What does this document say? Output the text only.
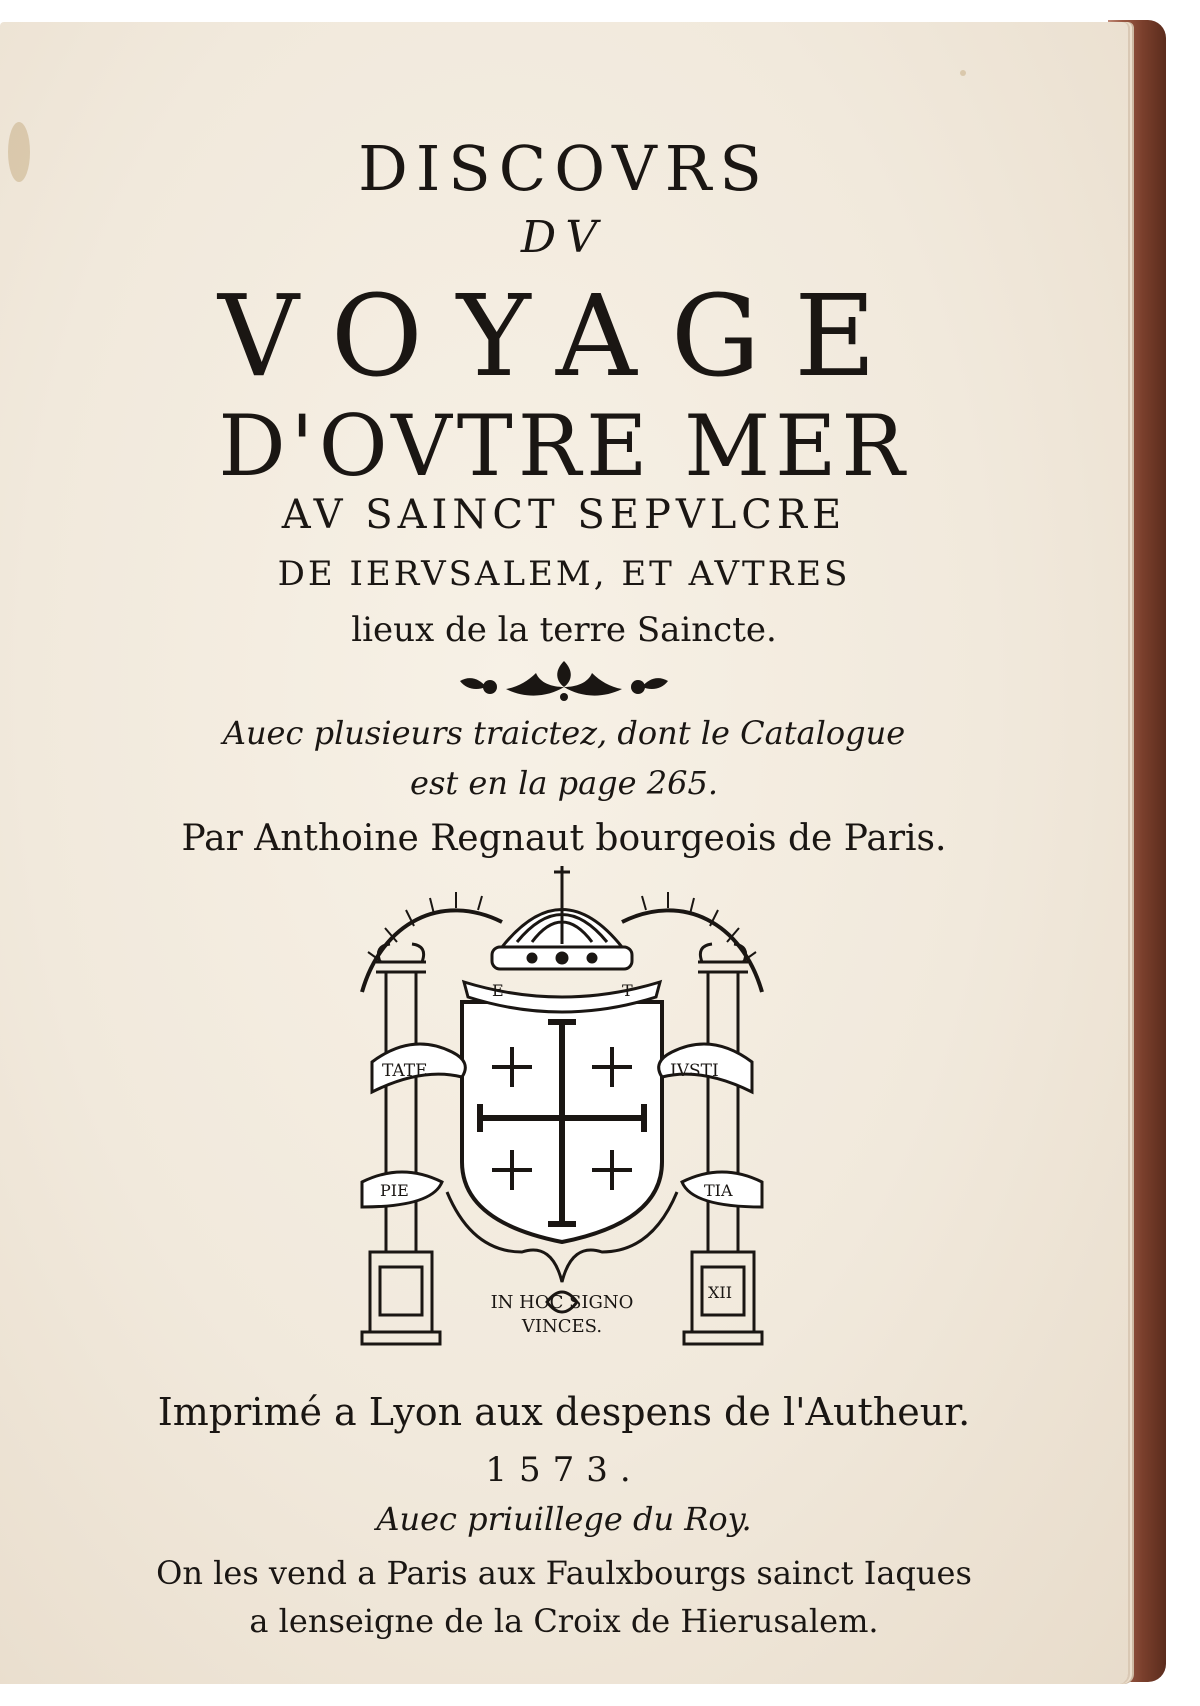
DISCOVRS
DV
VOYAGE
D'OVTRE MER
AV SAINCT SEPVLCRE
DE IERVSALEM, ET AVTRES
lieux de la terre Saincte.
Auec plusieurs traictez, dont le Catalogue
est en la page 265.
Par Anthoine Regnaut bourgeois de Paris.
TATE	IVSTI
E	T
PIE	TIA
XII
IN HOC SIGNO
VINCES.
Imprimé a Lyon aux despens de l'Autheur.
1573.
Auec priuillege du Roy.
On les vend a Paris aux Faulxbourgs sainct Iaques
a lenseigne de la Croix de Hierusalem.
